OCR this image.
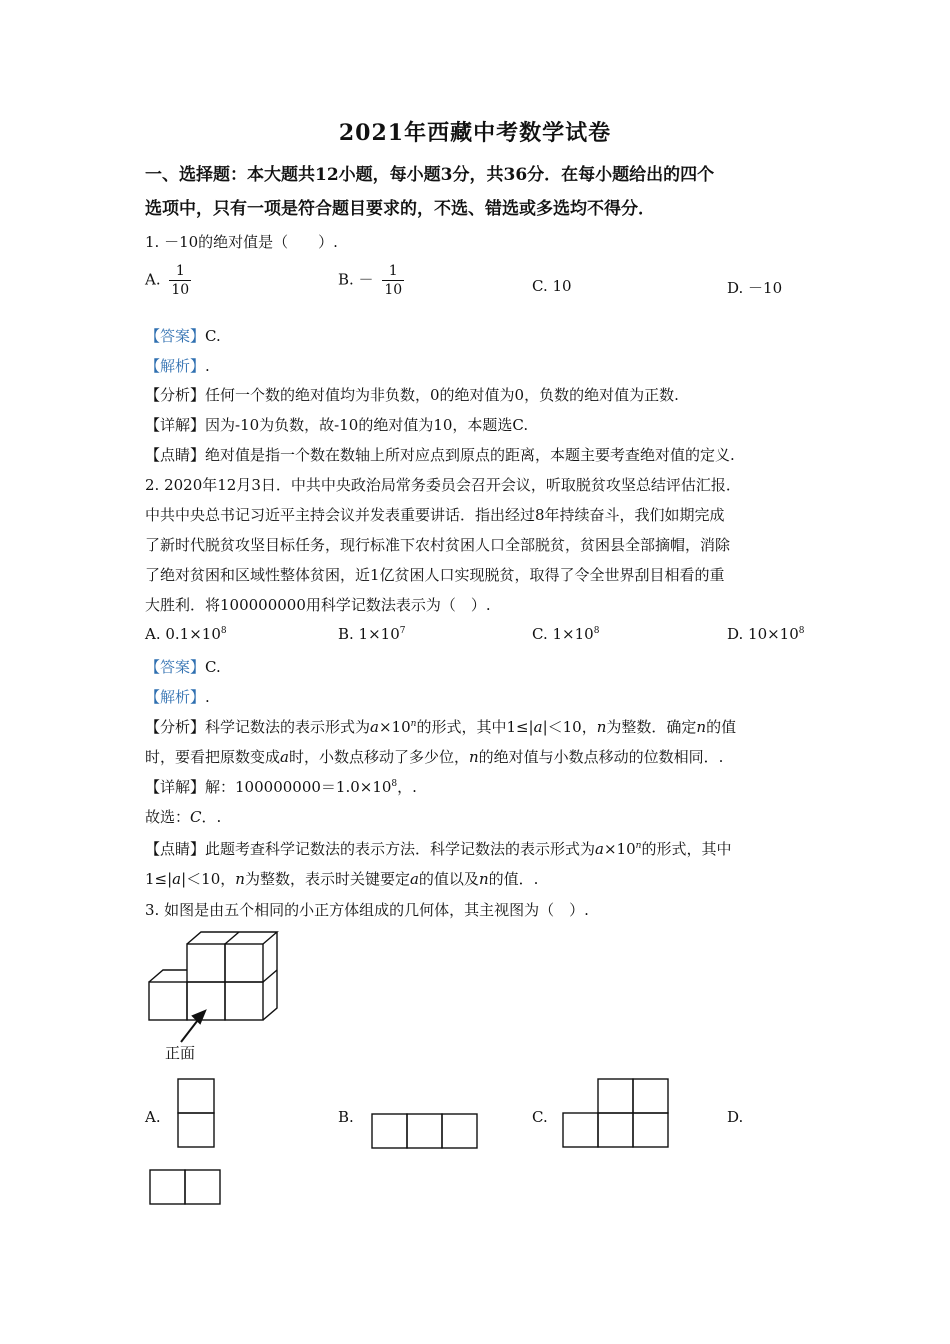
2021年西藏中考数学试卷
一、选择题：本大题共12小题，每小题3分，共36分．在每小题给出的四个
选项中，只有一项是符合题目要求的，不选、错选或多选均不得分．
1. －10的绝对值是（　　）.
A. $\frac{1}{10}$	B. － $\frac{1}{10}$	C. 10	D. －10
【答案】C.
【解析】.
【分析】任何一个数的绝对值均为非负数，0的绝对值为0，负数的绝对值为正数.
【详解】因为-10为负数，故-10的绝对值为10，本题选C.
【点睛】绝对值是指一个数在数轴上所对应点到原点的距离，本题主要考查绝对值的定义.
2. 2020年12月3日．中共中央政治局常务委员会召开会议，听取脱贫攻坚总结评估汇报．
中共中央总书记习近平主持会议并发表重要讲话．指出经过8年持续奋斗，我们如期完成
了新时代脱贫攻坚目标任务，现行标准下农村贫困人口全部脱贫，贫困县全部摘帽，消除
了绝对贫困和区域性整体贫困，近1亿贫困人口实现脱贫，取得了令全世界刮目相看的重
大胜利．将100000000用科学记数法表示为（　）.
A. $0.1\times 10^8$	B. $1\times 10^7$	C. $1\times 10^8$	D. $10\times 10^8$
【答案】C.
【解析】.
【分析】科学记数法的表示形式为$a\times 10^n$的形式，其中1≤|a|＜10，n为整数．确定n的值
时，要看把原数变成a时，小数点移动了多少位，n的绝对值与小数点移动的位数相同．.
【详解】解：$100000000=1.0\times 10^8$，.
故选：C．.
【点睛】此题考查科学记数法的表示方法．科学记数法的表示形式为$a\times 10^n$的形式，其中
1≤|a|＜10，n为整数，表示时关键要定a的值以及n的值．.
3. 如图是由五个相同的小正方体组成的几何体，其主视图为（　）.
正面
A.	B.	C.	D.
